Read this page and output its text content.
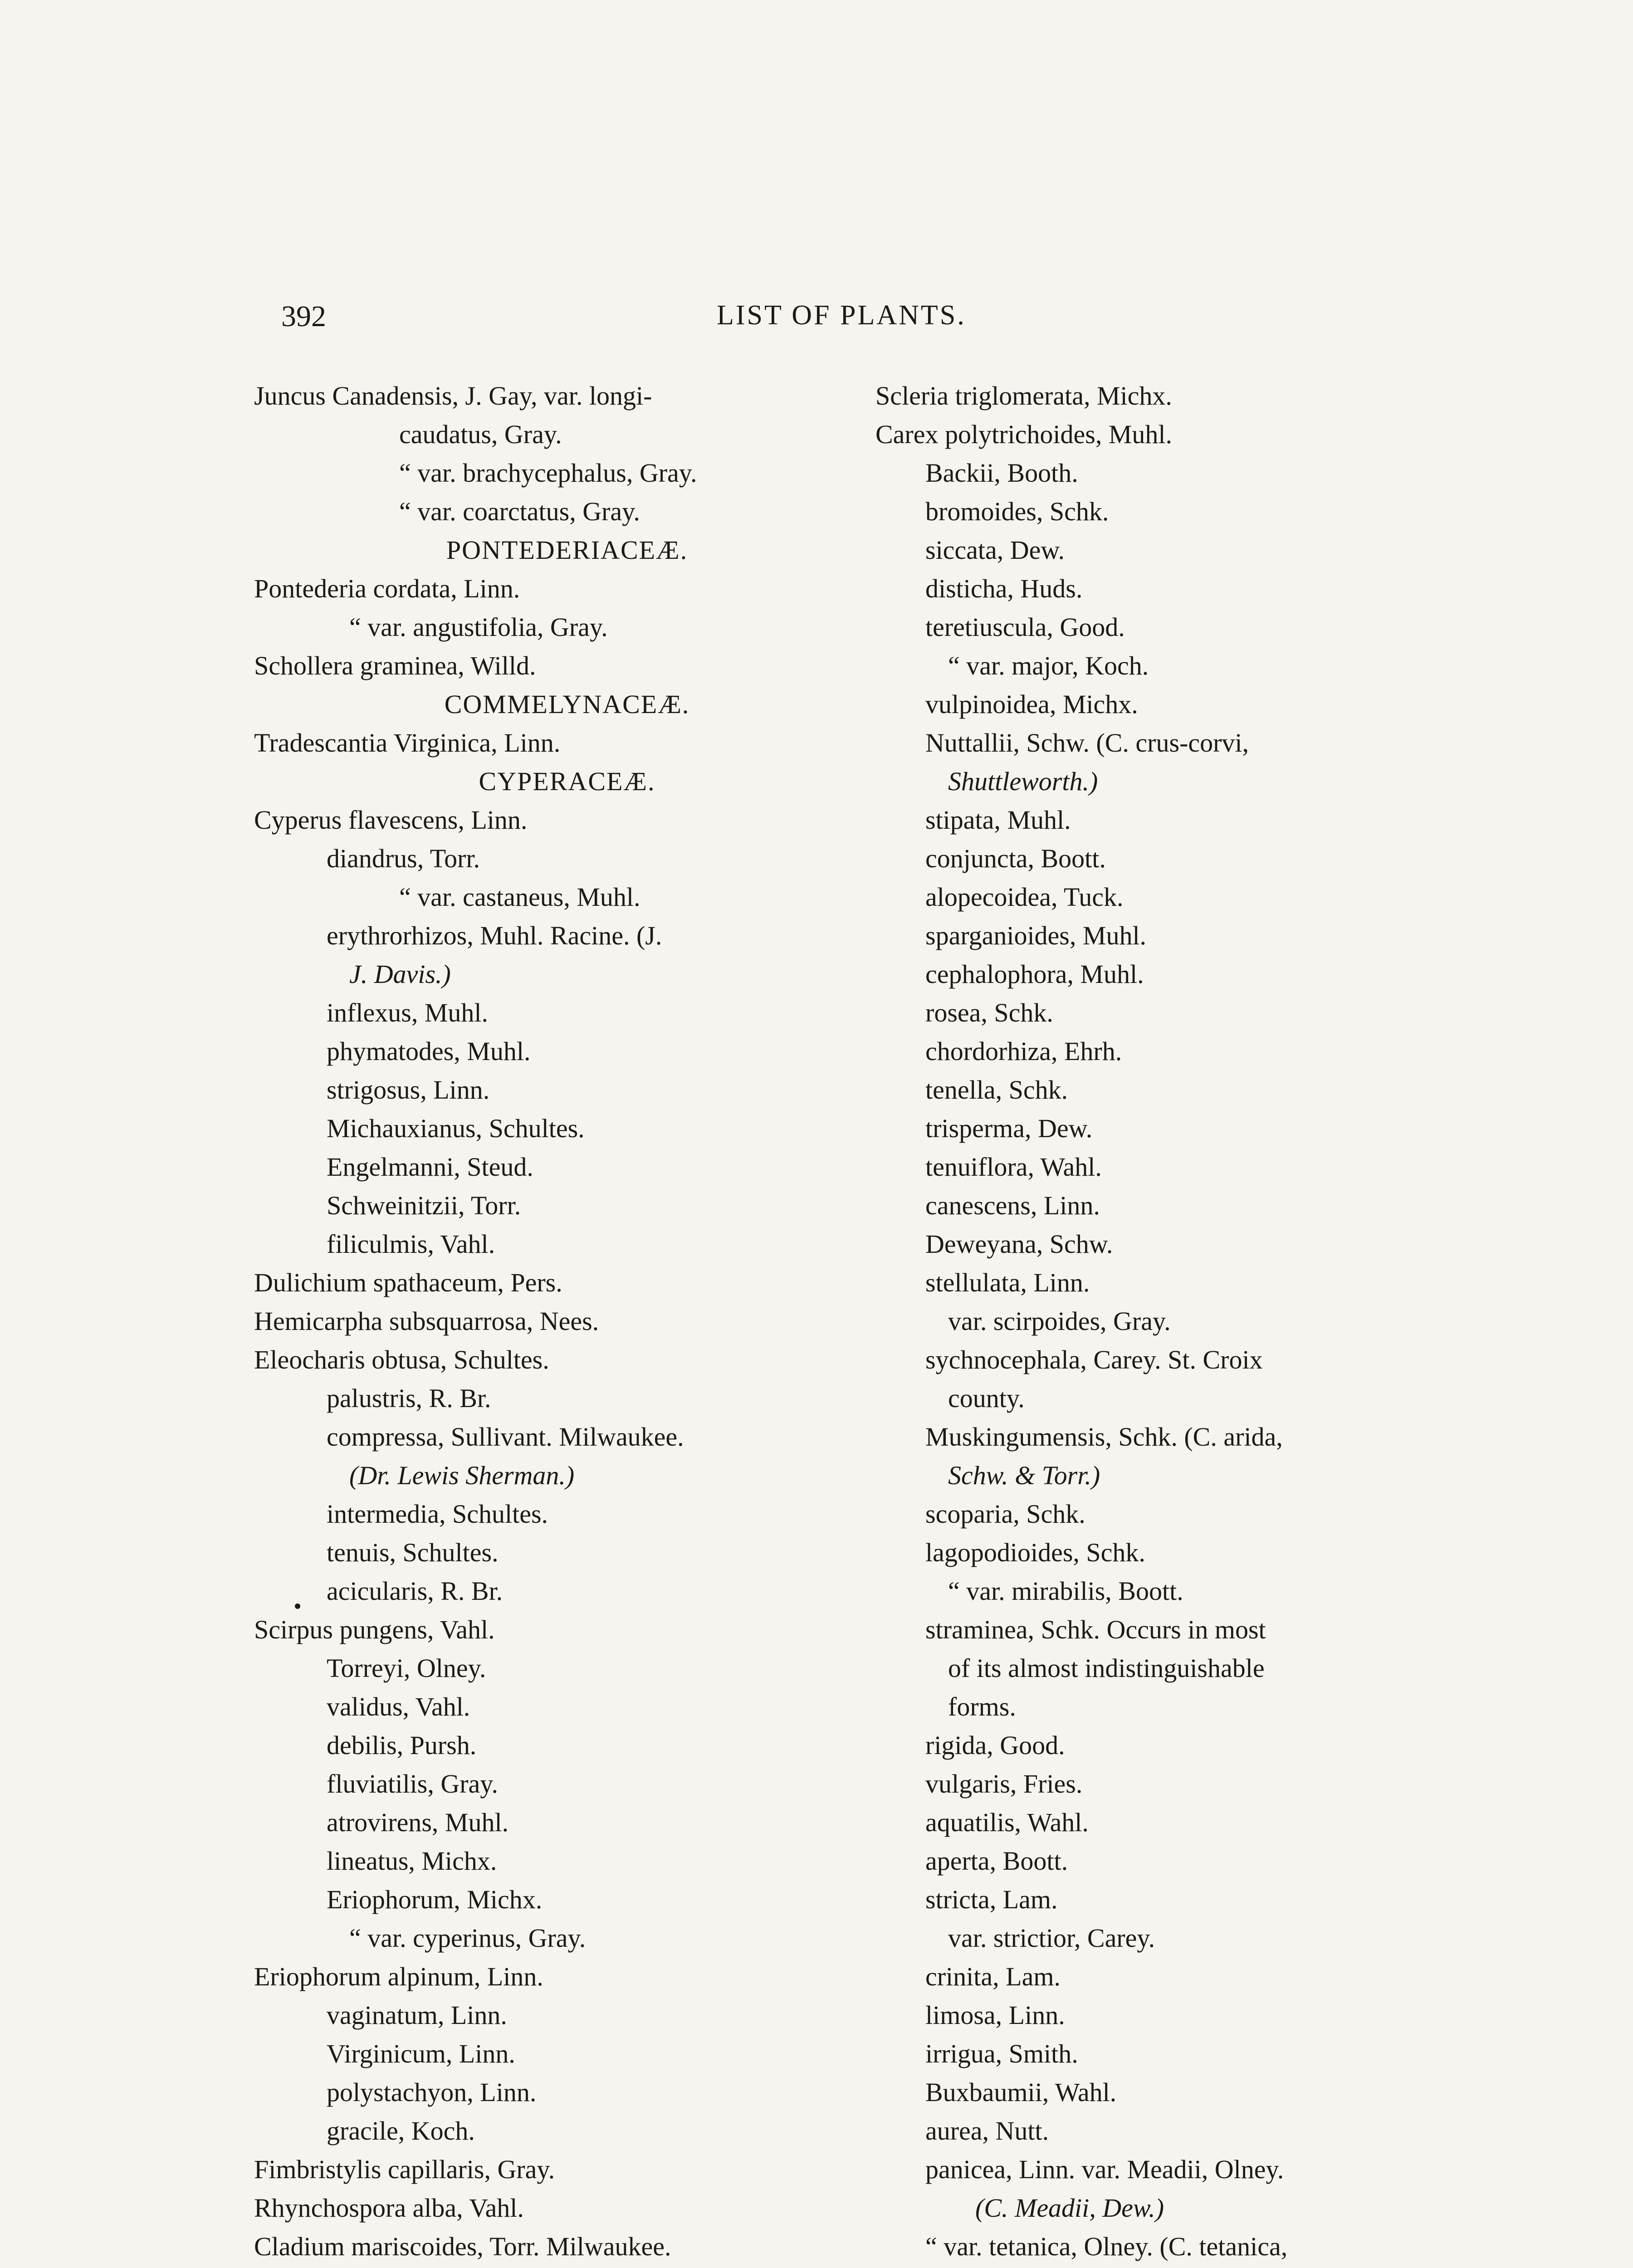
392	LIST OF PLANTS.
Juncus Canadensis, J. Gay, var. longi-
caudatus, Gray.
“ var. brachycephalus, Gray.
“ var. coarctatus, Gray.
PONTEDERIACEÆ.
Pontederia cordata, Linn.
“ var. angustifolia, Gray.
Schollera graminea, Willd.
COMMELYNACEÆ.
Tradescantia Virginica, Linn.
CYPERACEÆ.
Cyperus flavescens, Linn.
diandrus, Torr.
“ var. castaneus, Muhl.
erythrorhizos, Muhl. Racine. (J.
J. Davis.)
inflexus, Muhl.
phymatodes, Muhl.
strigosus, Linn.
Michauxianus, Schultes.
Engelmanni, Steud.
Schweinitzii, Torr.
filiculmis, Vahl.
Dulichium spathaceum, Pers.
Hemicarpha subsquarrosa, Nees.
Eleocharis obtusa, Schultes.
palustris, R. Br.
compressa, Sullivant. Milwaukee.
(Dr. Lewis Sherman.)
intermedia, Schultes.
tenuis, Schultes.
acicularis, R. Br.
Scirpus pungens, Vahl.
Torreyi, Olney.
validus, Vahl.
debilis, Pursh.
fluviatilis, Gray.
atrovirens, Muhl.
lineatus, Michx.
Eriophorum, Michx.
“ var. cyperinus, Gray.
Eriophorum alpinum, Linn.
vaginatum, Linn.
Virginicum, Linn.
polystachyon, Linn.
gracile, Koch.
Fimbristylis capillaris, Gray.
Rhynchospora alba, Vahl.
Cladium mariscoides, Torr. Milwaukee.
Scleria triglomerata, Michx.
Carex polytrichoides, Muhl.
Backii, Booth.
bromoides, Schk.
siccata, Dew.
disticha, Huds.
teretiuscula, Good.
“ var. major, Koch.
vulpinoidea, Michx.
Nuttallii, Schw. (C. crus-corvi,
Shuttleworth.)
stipata, Muhl.
conjuncta, Boott.
alopecoidea, Tuck.
sparganioides, Muhl.
cephalophora, Muhl.
rosea, Schk.
chordorhiza, Ehrh.
tenella, Schk.
trisperma, Dew.
tenuiflora, Wahl.
canescens, Linn.
Deweyana, Schw.
stellulata, Linn.
var. scirpoides, Gray.
sychnocephala, Carey. St. Croix
county.
Muskingumensis, Schk. (C. arida,
Schw. & Torr.)
scoparia, Schk.
lagopodioides, Schk.
“ var. mirabilis, Boott.
straminea, Schk. Occurs in most
of its almost indistinguishable
forms.
rigida, Good.
vulgaris, Fries.
aquatilis, Wahl.
aperta, Boott.
stricta, Lam.
var. strictior, Carey.
crinita, Lam.
limosa, Linn.
irrigua, Smith.
Buxbaumii, Wahl.
aurea, Nutt.
panicea, Linn. var. Meadii, Olney.
(C. Meadii, Dew.)
“ var. tetanica, Olney. (C. tetanica,
